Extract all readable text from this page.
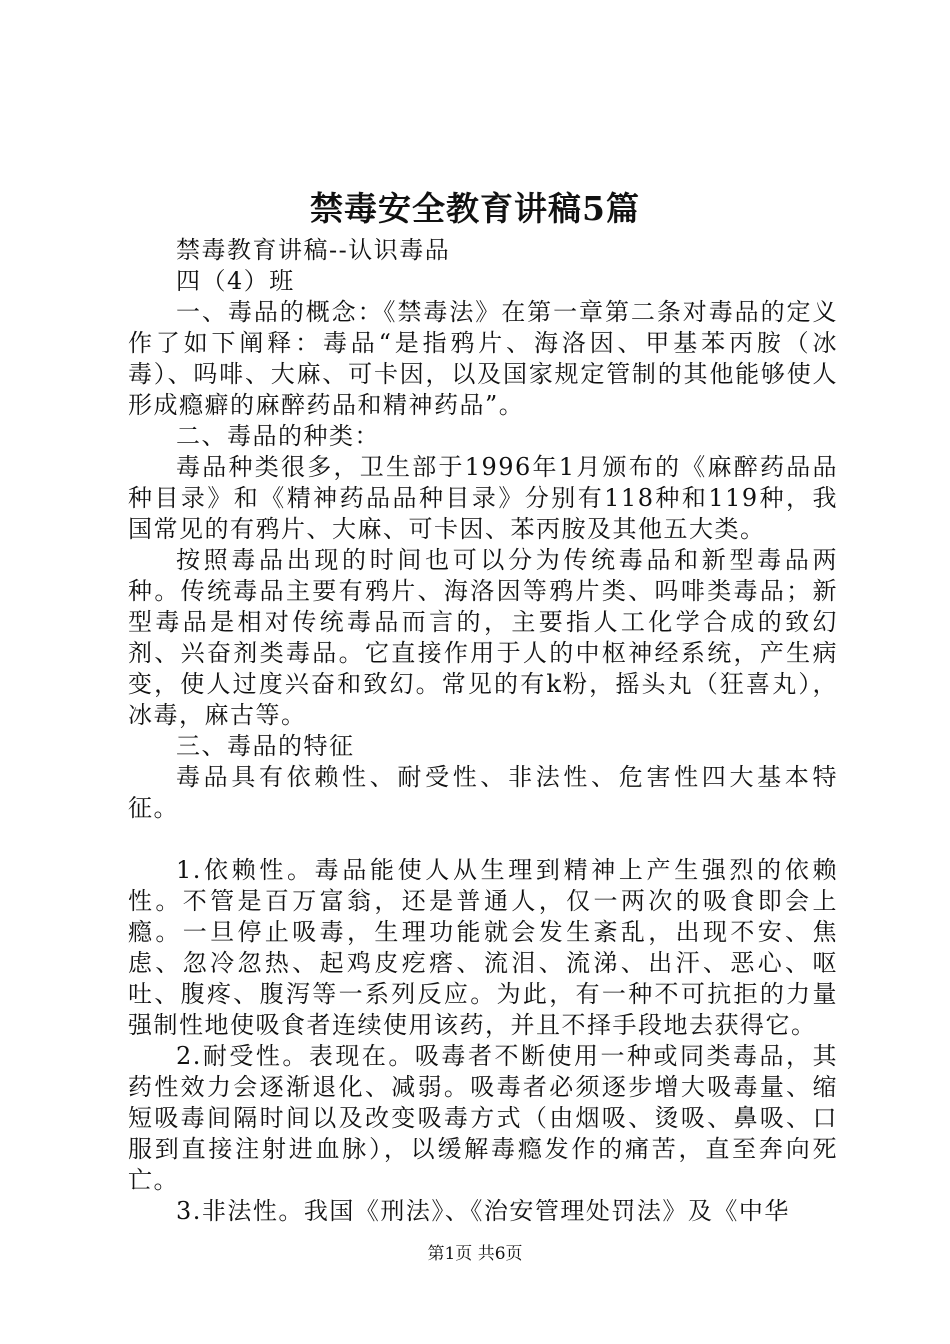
禁毒安全教育讲稿5篇

禁毒教育讲稿--认识毒品

四（4）班

一、毒品的概念：《禁毒法》在第一章第二条对毒品的定义作了如下阐释：毒品“是指鸦片、海洛因、甲基苯丙胺（冰毒）、吗啡、大麻、可卡因，以及国家规定管制的其他能够使人形成瘾癖的麻醉药品和精神药品”。

二、毒品的种类：

毒品种类很多，卫生部于1996年1月颁布的《麻醉药品品种目录》和《精神药品品种目录》分别有118种和119种，我国常见的有鸦片、大麻、可卡因、苯丙胺及其他五大类。

按照毒品出现的时间也可以分为传统毒品和新型毒品两种。传统毒品主要有鸦片、海洛因等鸦片类、吗啡类毒品；新型毒品是相对传统毒品而言的，主要指人工化学合成的致幻剂、兴奋剂类毒品。它直接作用于人的中枢神经系统，产生病变，使人过度兴奋和致幻。常见的有k粉，摇头丸（狂喜丸），冰毒，麻古等。

三、毒品的特征

毒品具有依赖性、耐受性、非法性、危害性四大基本特征。

1.依赖性。毒品能使人从生理到精神上产生强烈的依赖性。不管是百万富翁，还是普通人，仅一两次的吸食即会上瘾。一旦停止吸毒，生理功能就会发生紊乱，出现不安、焦虑、忽冷忽热、起鸡皮疙瘩、流泪、流涕、出汗、恶心、呕吐、腹疼、腹泻等一系列反应。为此，有一种不可抗拒的力量强制性地使吸食者连续使用该药，并且不择手段地去获得它。

2.耐受性。表现在。吸毒者不断使用一种或同类毒品，其药性效力会逐渐退化、减弱。吸毒者必须逐步增大吸毒量、缩短吸毒间隔时间以及改变吸毒方式（由烟吸、烫吸、鼻吸、口服到直接注射进血脉），以缓解毒瘾发作的痛苦，直至奔向死亡。

3.非法性。我国《刑法》、《治安管理处罚法》及《中华

第1页 共6页
